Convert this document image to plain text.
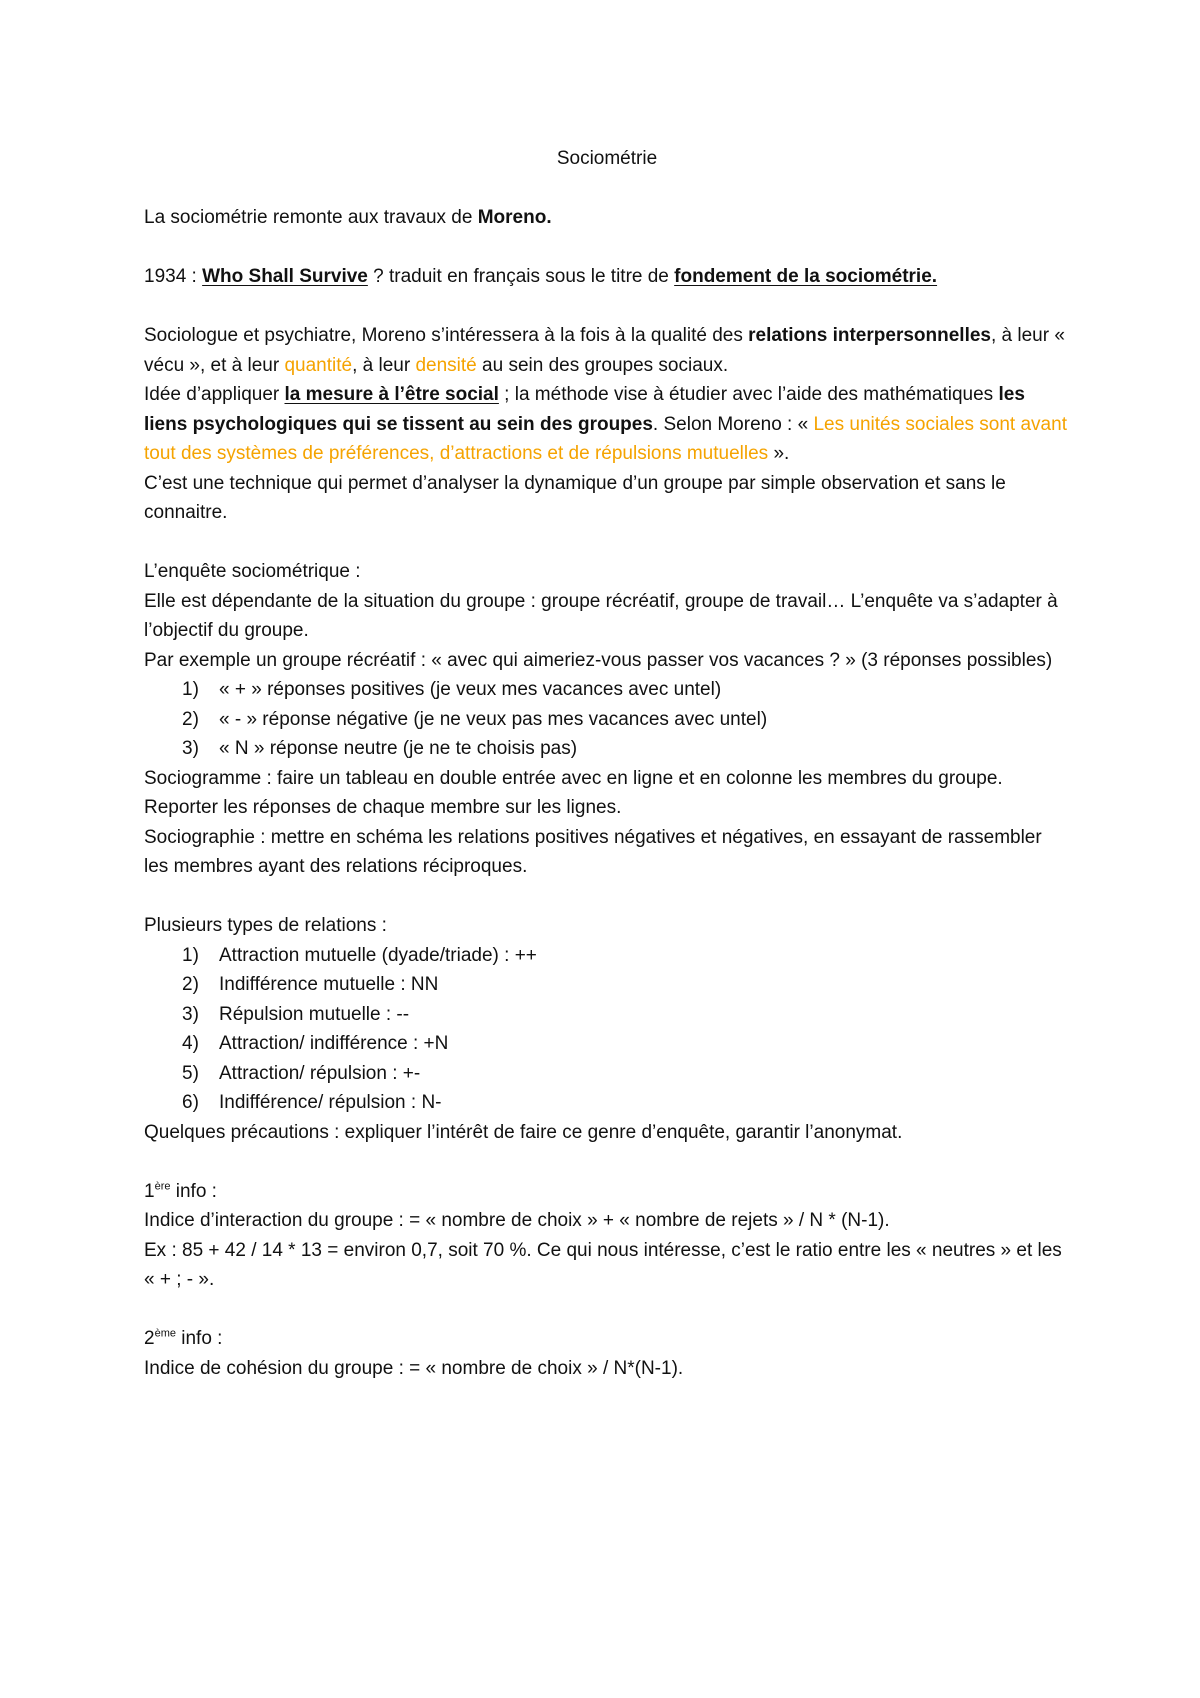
Sociométrie

La sociométrie remonte aux travaux de Moreno.

1934 : Who Shall Survive ? traduit en français sous le titre de fondement de la sociométrie.

Sociologue et psychiatre, Moreno s’intéressera à la fois à la qualité des relations interpersonnelles, à leur « vécu », et à leur quantité, à leur densité au sein des groupes sociaux.

Idée d’appliquer la mesure à l’être social ; la méthode vise à étudier avec l’aide des mathématiques les liens psychologiques qui se tissent au sein des groupes. Selon Moreno : « Les unités sociales sont avant tout des systèmes de préférences, d’attractions et de répulsions mutuelles ».

C’est une technique qui permet d’analyser la dynamique d’un groupe par simple observation et sans le connaitre.

L’enquête sociométrique :

Elle est dépendante de la situation du groupe : groupe récréatif, groupe de travail… L’enquête va s’adapter à l’objectif du groupe.

Par exemple un groupe récréatif : « avec qui aimeriez-vous passer vos vacances ? » (3 réponses possibles)

1)	« + » réponses positives (je veux mes vacances avec untel)
2)	« - » réponse négative (je ne veux pas mes vacances avec untel)
3)	« N » réponse neutre (je ne te choisis pas)

Sociogramme : faire un tableau en double entrée avec en ligne et en colonne les membres du groupe. Reporter les réponses de chaque membre sur les lignes.

Sociographie : mettre en schéma les relations positives négatives et négatives, en essayant de rassembler les membres ayant des relations réciproques.

Plusieurs types de relations :

1)	Attraction mutuelle (dyade/triade) : ++
2)	Indifférence mutuelle : NN
3)	Répulsion mutuelle : --
4)	Attraction/ indifférence : +N
5)	Attraction/ répulsion : +-
6)	Indifférence/ répulsion : N-

Quelques précautions : expliquer l’intérêt de faire ce genre d’enquête, garantir l’anonymat.

1ère info :

Indice d’interaction du groupe : = « nombre de choix » + « nombre de rejets » / N * (N-1).

Ex : 85 + 42 / 14 * 13 = environ 0,7, soit 70 %. Ce qui nous intéresse, c’est le ratio entre les « neutres » et les « + ; - ».

2ème info :

Indice de cohésion du groupe : = « nombre de choix » / N*(N-1).
